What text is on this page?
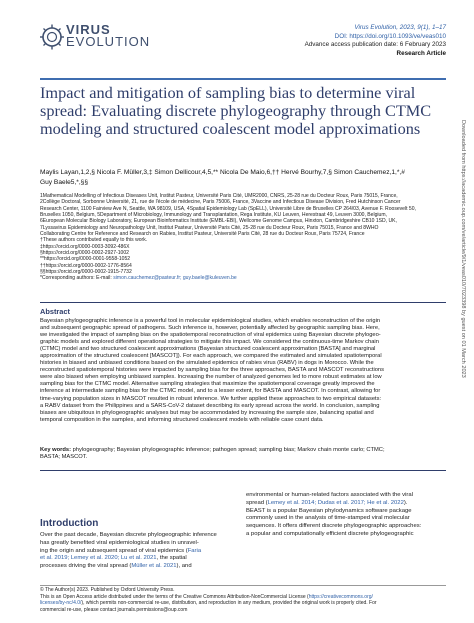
VIRUS
EVOLUTION
Virus Evolution, 2023, 9(1), 1–17
DOI: https://doi.org/10.1093/ve/veas010
Advance access publication date: 6 February 2023
Research Article
Impact and mitigation of sampling bias to determine viral spread: Evaluating discrete phylogeography through CTMC modeling and structured coalescent model approximations
Maylis Layan,1,2,§ Nicola F. Müller,3,‡ Simon Dellicour,4,5,** Nicola De Maio,6,†† Hervé Bourhy,7,§ Simon Cauchemez,1,*,#
Guy Baele5,*,§§
1Mathematical Modelling of Infectious Diseases Unit, Institut Pasteur, Université Paris Cité, UMR2000, CNRS, 25-28 rue du Docteur Roux, Paris 75015, France,
2Collège Doctoral, Sorbonne Université, 21, rue de l'école de médecine, Paris 75006, France, 3Vaccine and Infectious Disease Division, Fred Hutchinson Cancer
Research Center, 1100 Fairview Ave N, Seattle, WA 98109, USA, 4Spatial Epidemiology Lab (SpELL), Université Libre de Bruxelles CP 264/03, Avenue F. Roosevelt 50,
Bruxelles 1050, Belgium, 5Department of Microbiology, Immunology and Transplantation, Rega Institute, KU Leuven, Herestraat 49, Leuven 3000, Belgium,
6European Molecular Biology Laboratory, European Bioinformatics Institute (EMBL-EBI), Wellcome Genome Campus, Hinxton, Cambridgeshire CB10 1SD, UK,
7Lyssavirus Epidemiology and Neuropathology Unit, Institut Pasteur, Université Paris Cité, 25-28 rue du Docteur Roux, Paris 75015, France and 8WHO
Collaborating Centre for Reference and Research on Rabies, Institut Pasteur, Université Paris Cité, 28 rue du Docteur Roux, Paris 75724, France
†These authors contributed equally to this work.
‡https://orcid.org/0000-0003-3092-486X
§https://orcid.org/0000-0002-2927-1002
**https://orcid.org/0000-0001-9558-1052
††https://orcid.org/0000-0002-1776-8564
§§https://orcid.org/0000-0002-1915-7732
*Corresponding authors: E-mail: simon.cauchemez@pasteur.fr; guy.baele@kuleuven.be
Abstract
Bayesian phylogeographic inference is a powerful tool in molecular epidemiological studies, which enables reconstruction of the origin
and subsequent geographic spread of pathogens. Such inference is, however, potentially affected by geographic sampling bias. Here,
we investigated the impact of sampling bias on the spatiotemporal reconstruction of viral epidemics using Bayesian discrete phylogeo-
graphic models and explored different operational strategies to mitigate this impact. We considered the continuous-time Markov chain
(CTMC) model and two structured coalescent approximations (Bayesian structured coalescent approximation [BASTA] and marginal
approximation of the structured coalescent [MASCOT]). For each approach, we compared the estimated and simulated spatiotemporal
histories in biased and unbiased conditions based on the simulated epidemics of rabies virus (RABV) in dogs in Morocco. While the
reconstructed spatiotemporal histories were impacted by sampling bias for the three approaches, BASTA and MASCOT reconstructions
were also biased when employing unbiased samples. Increasing the number of analyzed genomes led to more robust estimates at low
sampling bias for the CTMC model. Alternative sampling strategies that maximize the spatiotemporal coverage greatly improved the
inference at intermediate sampling bias for the CTMC model, and to a lesser extent, for BASTA and MASCOT. In contrast, allowing for
time-varying population sizes in MASCOT resulted in robust inference. We further applied these approaches to two empirical datasets:
a RABV dataset from the Philippines and a SARS-CoV-2 dataset describing its early spread across the world. In conclusion, sampling
biases are ubiquitous in phylogeographic analyses but may be accommodated by increasing the sample size, balancing spatial and
temporal composition in the samples, and informing structured coalescent models with reliable case count data.
Key words: phylogeography; Bayesian phylogeographic inference; pathogen spread; sampling bias; Markov chain monte carlo; CTMC;
BASTA; MASCOT.
Introduction
Over the past decade, Bayesian discrete phylogeographic inference
has greatly benefited viral epidemiological studies in unravel-
ing the origin and subsequent spread of viral epidemics (Faria
et al. 2019; Lemey et al. 2020; Lu et al. 2021, the spatial
processes driving the viral spread (Müller et al. 2021), and
environmental or human-related factors associated with the viral
spread (Lemey et al. 2014; Dudas et al. 2017; He et al. 2022).
BEAST is a popular Bayesian phylodynamics software package
commonly used in the analysis of time-stamped viral molecular
sequences. It offers different discrete phylogeographic approaches:
a popular and computationally efficient discrete phylogeographic
© The Author(s) 2023. Published by Oxford University Press.
This is an Open Access article distributed under the terms of the Creative Commons Attribution-NonCommercial License (https://creativecommons.org/
licenses/by-nc/4.0/), which permits non-commercial re-use, distribution, and reproduction in any medium, provided the original work is properly cited. For
commercial re-use, please contact journals.permissions@oup.com
Downloaded from https://academic.oup.com/ve/article/9/1/veas010/7023398 by guest on 01 March 2023
